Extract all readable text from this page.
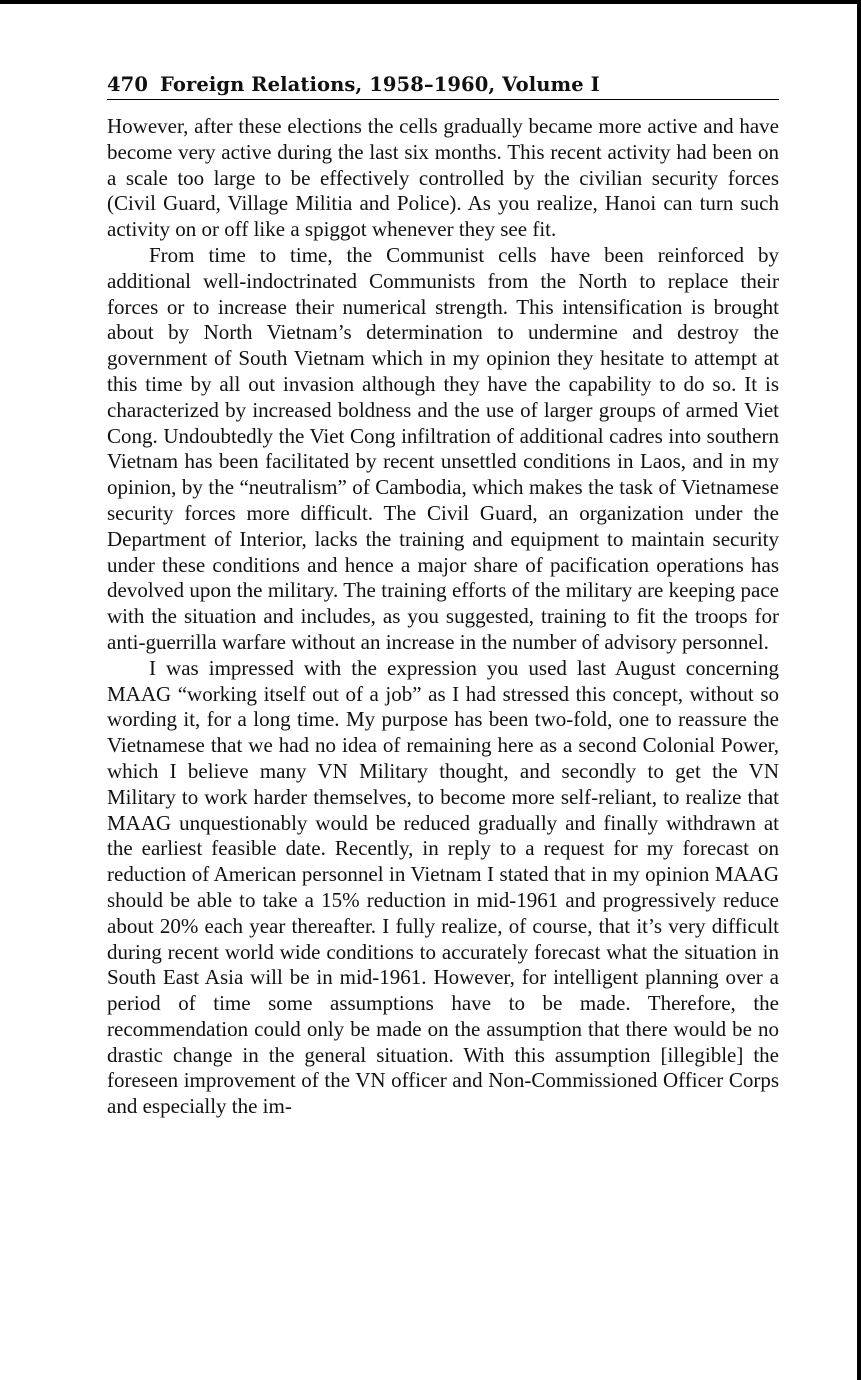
470 Foreign Relations, 1958–1960, Volume I

However, after these elections the cells gradually became more active and have become very active during the last six months. This recent activity had been on a scale too large to be effectively controlled by the civilian security forces (Civil Guard, Village Militia and Police). As you realize, Hanoi can turn such activity on or off like a spiggot whenever they see fit.

From time to time, the Communist cells have been reinforced by additional well-indoctrinated Communists from the North to replace their forces or to increase their numerical strength. This intensification is brought about by North Vietnam’s determination to undermine and destroy the government of South Vietnam which in my opinion they hesitate to attempt at this time by all out invasion although they have the capability to do so. It is characterized by increased boldness and the use of larger groups of armed Viet Cong. Undoubtedly the Viet Cong infiltration of additional cadres into southern Vietnam has been facilitated by recent unsettled conditions in Laos, and in my opinion, by the “neutralism” of Cambodia, which makes the task of Vietnamese security forces more difficult. The Civil Guard, an organization under the Department of Interior, lacks the training and equipment to maintain security under these conditions and hence a major share of pacification operations has devolved upon the military. The training efforts of the military are keeping pace with the situation and includes, as you suggested, training to fit the troops for anti-guerrilla warfare without an increase in the number of advisory personnel.

I was impressed with the expression you used last August concerning MAAG “working itself out of a job” as I had stressed this concept, without so wording it, for a long time. My purpose has been two-fold, one to reassure the Vietnamese that we had no idea of remaining here as a second Colonial Power, which I believe many VN Military thought, and secondly to get the VN Military to work harder themselves, to become more self-reliant, to realize that MAAG unquestionably would be reduced gradually and finally withdrawn at the earliest feasible date. Recently, in reply to a request for my forecast on reduction of American personnel in Vietnam I stated that in my opinion MAAG should be able to take a 15% reduction in mid-1961 and progressively reduce about 20% each year thereafter. I fully realize, of course, that it’s very difficult during recent world wide conditions to accurately forecast what the situation in South East Asia will be in mid-1961. However, for intelligent planning over a period of time some assumptions have to be made. Therefore, the recommendation could only be made on the assumption that there would be no drastic change in the general situation. With this assumption [illegible] the foreseen improvement of the VN officer and Non-Commissioned Officer Corps and especially the im-
